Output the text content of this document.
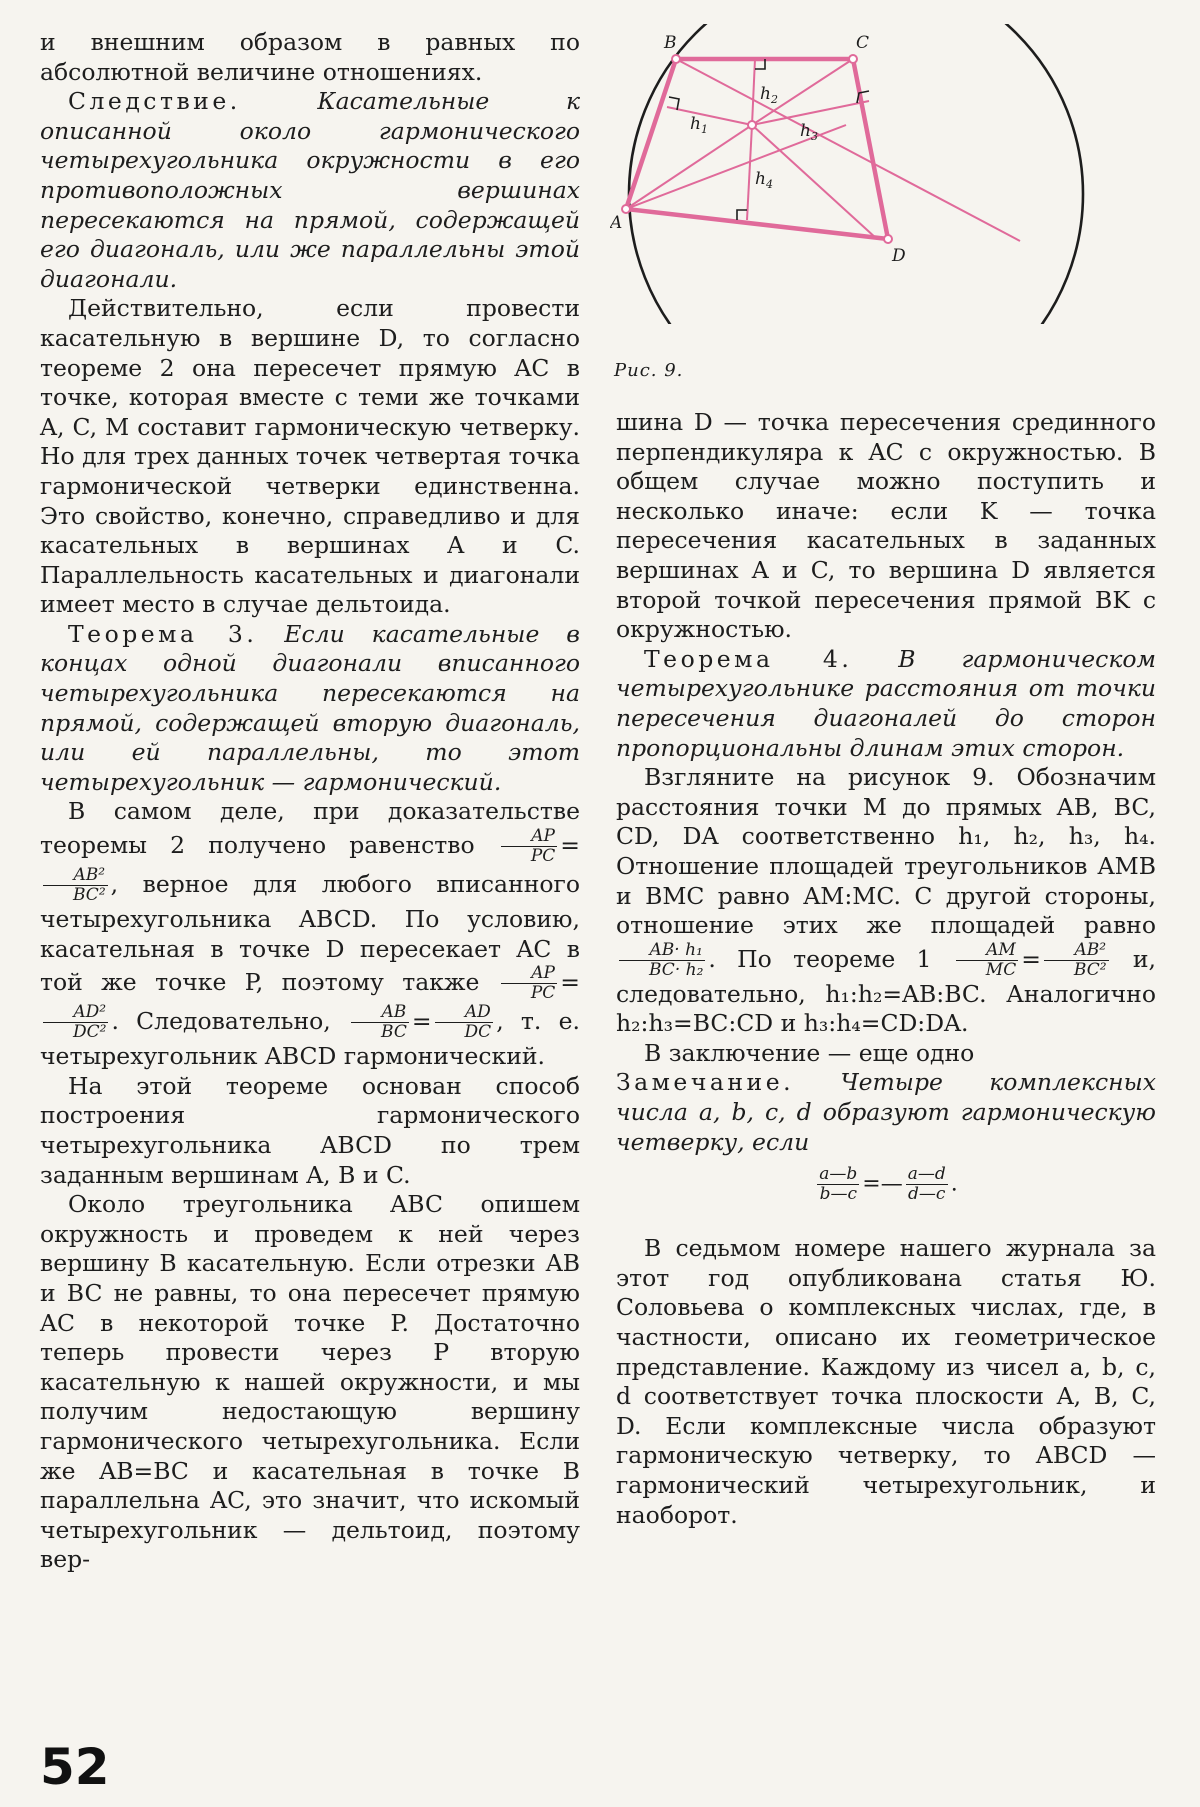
B	C
A
D
$h_1$
$h_2$
$h_3$
$h_4$
Рис. 9.

и внешним образом в равных по абсолютной величине отношениях.

Следствие. Касательные к описанной около гармонического четырехугольника окружности в его противоположных вершинах пересекаются на прямой, содержащей его диагональ, или же параллельны этой диагонали.

Действительно, если провести касательную в вершине D, то согласно теореме 2 она пересечет прямую AC в точке, которая вместе с теми же точками A, C, M составит гармоническую четверку. Но для трех данных точек четвертая точка гармонической четверки единственна. Это свойство, конечно, справедливо и для касательных в вершинах A и C. Параллельность касательных и диагонали имеет место в случае дельтоида.

Теорема 3. Если касательные в концах одной диагонали вписанного четырехугольника пересекаются на прямой, содержащей вторую диагональ, или ей параллельны, то этот четырехугольник — гармонический.

В самом деле, при доказательстве теоремы 2 получено равенство $\frac{AP}{PC}$ =
$\frac{\text{AB²}}{\text{BC²}}$ , верное для любого вписанного четырехугольника ABCD. По условию, касательная в точке D пересекает AC в той же точке P, поэтому также $\frac{AP}{PC}$ =
$\frac{\text{AD²}}{\text{DC²}}$ . Следовательно, $\frac{AB}{BC} = \frac{AD}{DC}$ , т. е. четырехугольник ABCD гармонический.

На этой теореме основан способ построения гармонического четырехугольника ABCD по трем заданным вершинам A, B и C.

Около треугольника ABC опишем окружность и проведем к ней через вершину B касательную. Если отрезки AB и BC не равны, то она пересечет прямую AC в некоторой точке P. Достаточно теперь провести через P вторую касательную к нашей окружности, и мы получим недостающую вершину гармонического четырехугольника. Если же AB=BC и касательная в точке B параллельна AC, это значит, что искомый четырехугольник — дельтоид, поэтому вер-

шина D — точка пересечения срединного перпендикуляра к AC с окружностью. В общем случае можно поступить и несколько иначе: если K — точка пересечения касательных в заданных вершинах A и C, то вершина D является второй точкой пересечения прямой BK с окружностью.

Теорема 4. В гармоническом четырехугольнике расстояния от точки пересечения диагоналей до сторон пропорциональны длинам этих сторон.

Взгляните на рисунок 9. Обозначим расстояния точки M до прямых AB, BC, CD, DA соответственно h₁, h₂, h₃, h₄. Отношение площадей треугольников AMB и BMC равно AM:MC. С другой стороны, отношение этих же площадей равно
$\frac{\text{AB· h₁}}{\text{BC· h₂}}$ . По теореме $1 \frac{AM}{MC} = \frac{\text{AB²}}{\text{BC²}} и$, следовательно, h₁:h₂=AB:BC. Аналогично h₂:h₃=BC:CD и h₃:h₄=CD:DA.

В заключение — еще одно

Замечание. Четыре комплексных числа a, b, c, d образуют гармоническую четверку, если

$\frac{a—b}{b—c}$ =— $\frac{a—d}{d—c}$ .

В седьмом номере нашего журнала за этот год опубликована статья Ю. Соловьева о комплексных числах, где, в частности, описано их геометрическое представление. Каждому из чисел a, b, c, d соответствует точка плоскости A, B, C, D. Если комплексные числа образуют гармоническую четверку, то ABCD — гармонический четырехугольник, и наоборот.

52
